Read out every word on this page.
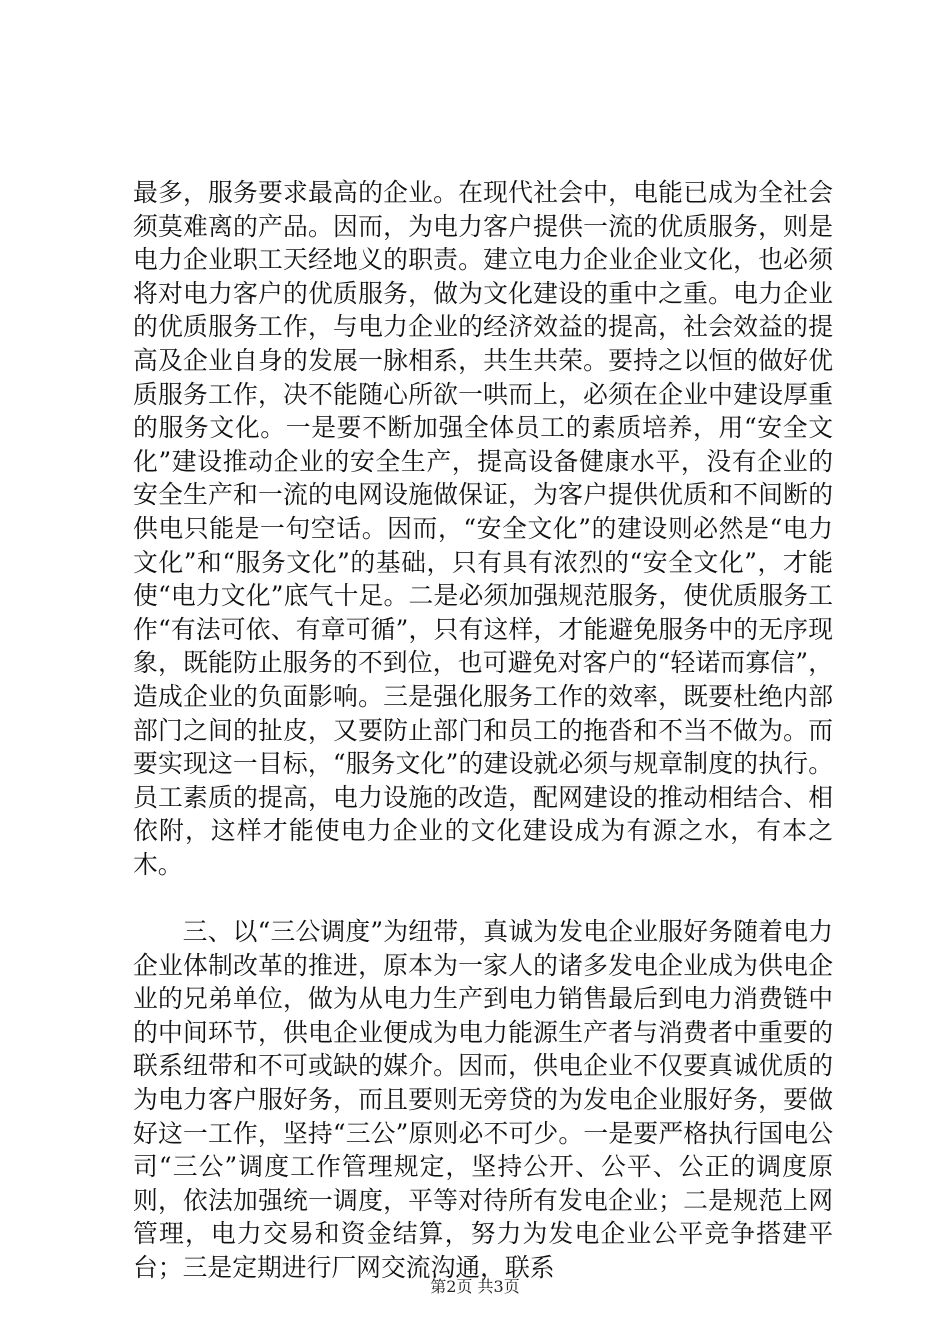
最多，服务要求最高的企业。在现代社会中，电能已成为全社会须莫难离的产品。因而，为电力客户提供一流的优质服务，则是电力企业职工天经地义的职责。建立电力企业企业文化，也必须将对电力客户的优质服务，做为文化建设的重中之重。电力企业的优质服务工作，与电力企业的经济效益的提高，社会效益的提高及企业自身的发展一脉相系，共生共荣。要持之以恒的做好优质服务工作，决不能随心所欲一哄而上，必须在企业中建设厚重的服务文化。一是要不断加强全体员工的素质培养，用“安全文化”建设推动企业的安全生产，提高设备健康水平，没有企业的安全生产和一流的电网设施做保证，为客户提供优质和不间断的供电只能是一句空话。因而，“安全文化”的建设则必然是“电力文化”和“服务文化”的基础，只有具有浓烈的“安全文化”，才能使“电力文化”底气十足。二是必须加强规范服务，使优质服务工作“有法可依、有章可循”，只有这样，才能避免服务中的无序现象，既能防止服务的不到位，也可避免对客户的“轻诺而寡信”，造成企业的负面影响。三是强化服务工作的效率，既要杜绝内部部门之间的扯皮，又要防止部门和员工的拖沓和不当不做为。而要实现这一目标，“服务文化”的建设就必须与规章制度的执行。员工素质的提高，电力设施的改造，配网建设的推动相结合、相依附，这样才能使电力企业的文化建设成为有源之水，有本之木。

三、以“三公调度”为纽带，真诚为发电企业服好务随着电力企业体制改革的推进，原本为一家人的诸多发电企业成为供电企业的兄弟单位，做为从电力生产到电力销售最后到电力消费链中的中间环节，供电企业便成为电力能源生产者与消费者中重要的联系纽带和不可或缺的媒介。因而，供电企业不仅要真诚优质的为电力客户服好务，而且要则无旁贷的为发电企业服好务，要做好这一工作，坚持“三公”原则必不可少。一是要严格执行国电公司“三公”调度工作管理规定，坚持公开、公平、公正的调度原则，依法加强统一调度，平等对待所有发电企业；二是规范上网管理，电力交易和资金结算，努力为发电企业公平竞争搭建平台；三是定期进行厂网交流沟通，联系

第2页 共3页
